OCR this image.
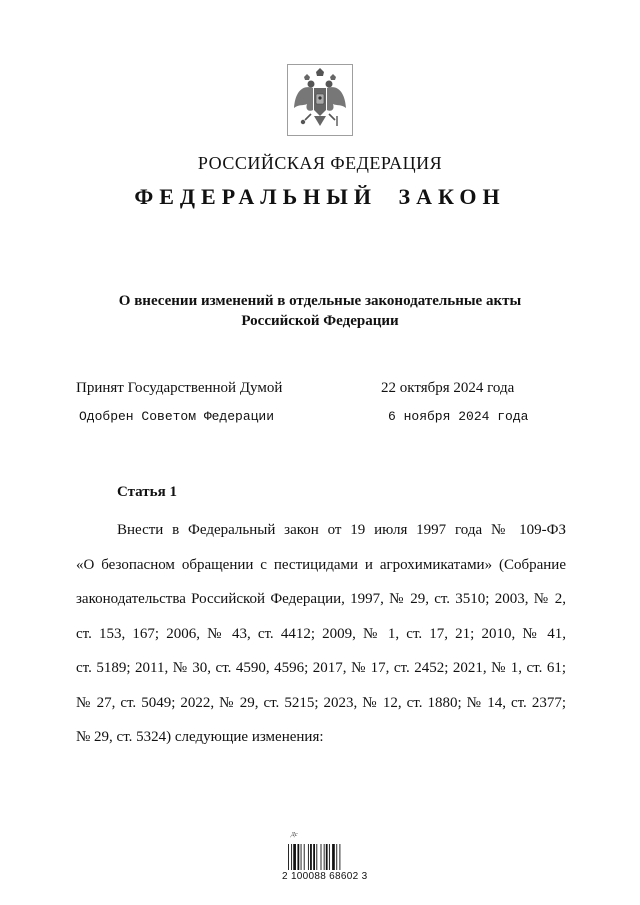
РОССИЙСКАЯ ФЕДЕРАЦИЯ
ФЕДЕРАЛЬНЫЙ ЗАКОН
О внесении изменений в отдельные законодательные акты
Российской Федерации
Принят Государственной Думой	22 октября 2024 года
Одобрен Советом Федерации	6 ноября 2024 года
Статья 1
Внести в Федеральный закон от 19 июля 1997 года № 109-ФЗ
«О безопасном обращении с пестицидами и агрохимикатами» (Собрание
законодательства Российской Федерации, 1997, № 29, ст. 3510; 2003, № 2,
ст. 153, 167; 2006, № 43, ст. 4412; 2009, № 1, ст. 17, 21; 2010, № 41,
ст. 5189; 2011, № 30, ст. 4590, 4596; 2017, № 17, ст. 2452; 2021, № 1, ст. 61;
№ 27, ст. 5049; 2022, № 29, ст. 5215; 2023, № 12, ст. 1880; № 14, ст. 2377;
№ 29, ст. 5324) следующие изменения:
Дс
2 100088 68602 3
